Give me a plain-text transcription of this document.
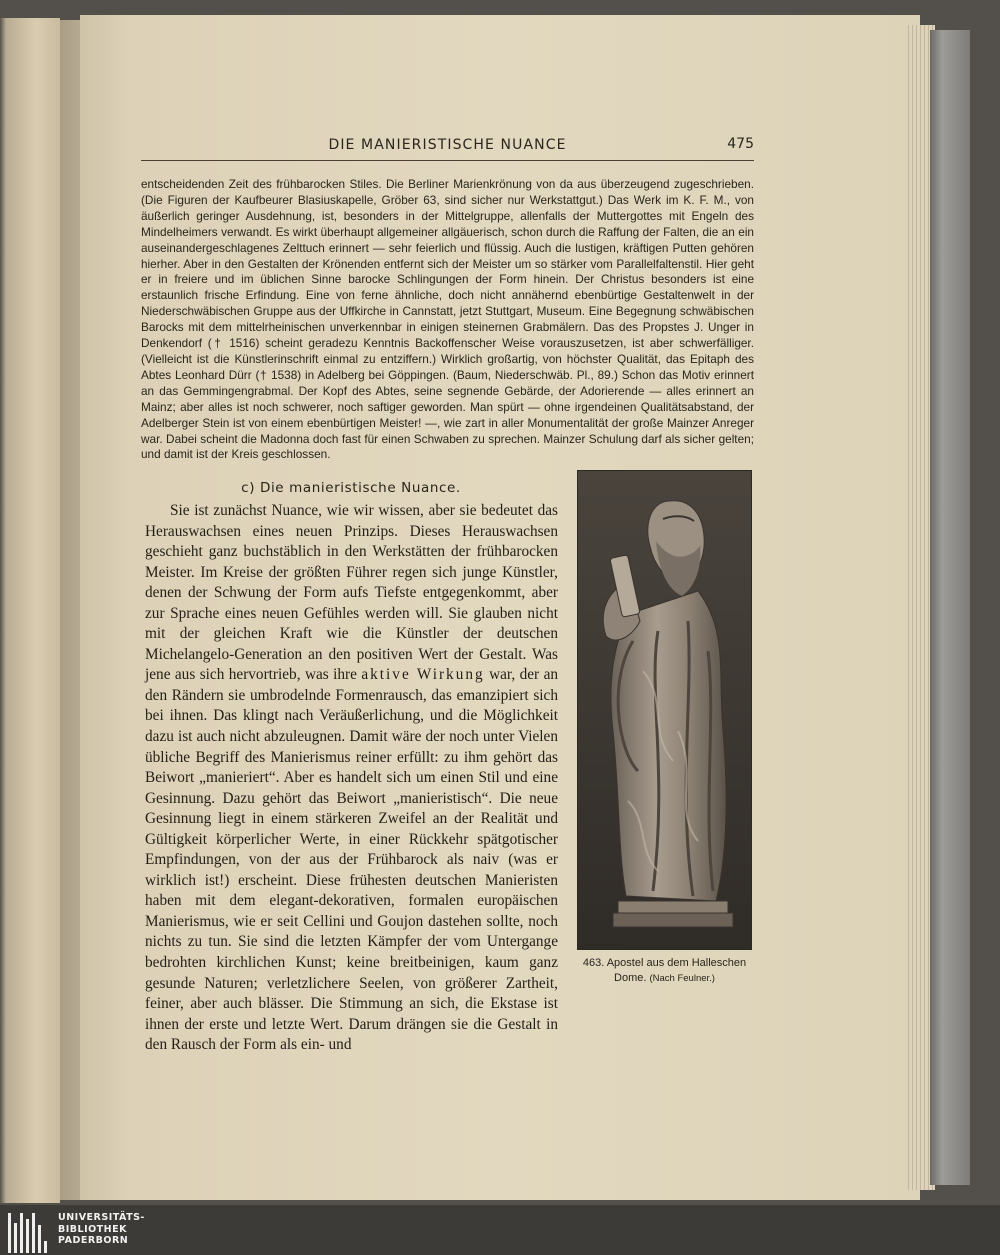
DIE MANIERISTISCHE NUANCE	475

entscheidenden Zeit des frühbarocken Stiles. Die Berliner Marienkrönung von da aus überzeugend zugeschrieben. (Die Figuren der Kaufbeurer Blasiuskapelle, Gröber 63, sind sicher nur Werkstattgut.) Das Werk im K. F. M., von äußerlich geringer Ausdehnung, ist, besonders in der Mittelgruppe, allenfalls der Muttergottes mit Engeln des Mindelheimers verwandt. Es wirkt überhaupt allgemeiner allgäuerisch, schon durch die Raffung der Falten, die an ein auseinandergeschlagenes Zelttuch erinnert — sehr feierlich und flüssig. Auch die lustigen, kräftigen Putten gehören hierher. Aber in den Gestalten der Krönenden entfernt sich der Meister um so stärker vom Parallelfaltenstil. Hier geht er in freiere und im üblichen Sinne barocke Schlingungen der Form hinein. Der Christus besonders ist eine erstaunlich frische Erfindung. Eine von ferne ähnliche, doch nicht annähernd ebenbürtige Gestaltenwelt in der Niederschwäbischen Gruppe aus der Uffkirche in Cannstatt, jetzt Stuttgart, Museum. Eine Begegnung schwäbischen Barocks mit dem mittelrheinischen unverkennbar in einigen steinernen Grabmälern. Das des Propstes J. Unger in Denkendorf († 1516) scheint geradezu Kenntnis Backoffenscher Weise vorauszusetzen, ist aber schwerfälliger. (Vielleicht ist die Künstlerinschrift einmal zu entziffern.) Wirklich großartig, von höchster Qualität, das Epitaph des Abtes Leonhard Dürr († 1538) in Adelberg bei Göppingen. (Baum, Niederschwäb. Pl., 89.) Schon das Motiv erinnert an das Gemmingengrabmal. Der Kopf des Abtes, seine segnende Gebärde, der Adorierende — alles erinnert an Mainz; aber alles ist noch schwerer, noch saftiger geworden. Man spürt — ohne irgendeinen Qualitätsabstand, der Adelberger Stein ist von einem ebenbürtigen Meister! —, wie zart in aller Monumentalität der große Mainzer Anreger war. Dabei scheint die Madonna doch fast für einen Schwaben zu sprechen. Mainzer Schulung darf als sicher gelten; und damit ist der Kreis geschlossen.

c) Die manieristische Nuance.

Sie ist zunächst Nuance, wie wir wissen, aber sie bedeutet das Herauswachsen eines neuen Prinzips. Dieses Herauswachsen geschieht ganz buchstäblich in den Werkstätten der frühbarocken Meister. Im Kreise der größten Führer regen sich junge Künstler, denen der Schwung der Form aufs Tiefste entgegenkommt, aber zur Sprache eines neuen Gefühles werden will. Sie glauben nicht mit der gleichen Kraft wie die Künstler der deutschen Michelangelo-Generation an den positiven Wert der Gestalt. Was jene aus sich hervortrieb, was ihre aktive Wirkung war, der an den Rändern sie umbrodelnde Formenrausch, das emanzipiert sich bei ihnen. Das klingt nach Veräußerlichung, und die Möglichkeit dazu ist auch nicht abzuleugnen. Damit wäre der noch unter Vielen übliche Begriff des Manierismus reiner erfüllt: zu ihm gehört das Beiwort „manieriert“. Aber es handelt sich um einen Stil und eine Gesinnung. Dazu gehört das Beiwort „manieristisch“. Die neue Gesinnung liegt in einem stärkeren Zweifel an der Realität und Gültigkeit körperlicher Werte, in einer Rückkehr spätgotischer Empfindungen, von der aus der Frühbarock als naiv (was er wirklich ist!) erscheint. Diese frühesten deutschen Manieristen haben mit dem elegant-dekorativen, formalen europäischen Manierismus, wie er seit Cellini und Goujon dastehen sollte, noch nichts zu tun. Sie sind die letzten Kämpfer der vom Untergange bedrohten kirchlichen Kunst; keine breitbeinigen, kaum ganz gesunde Naturen; verletzlichere Seelen, von größerer Zartheit, feiner, aber auch blässer. Die Stimmung an sich, die Ekstase ist ihnen der erste und letzte Wert. Darum drängen sie die Gestalt in den Rausch der Form als ein- und

463. Apostel aus dem Halleschen
Dome. (Nach Feulner.)
UNIVERSITÄTS-
BIBLIOTHEK
PADERBORN
